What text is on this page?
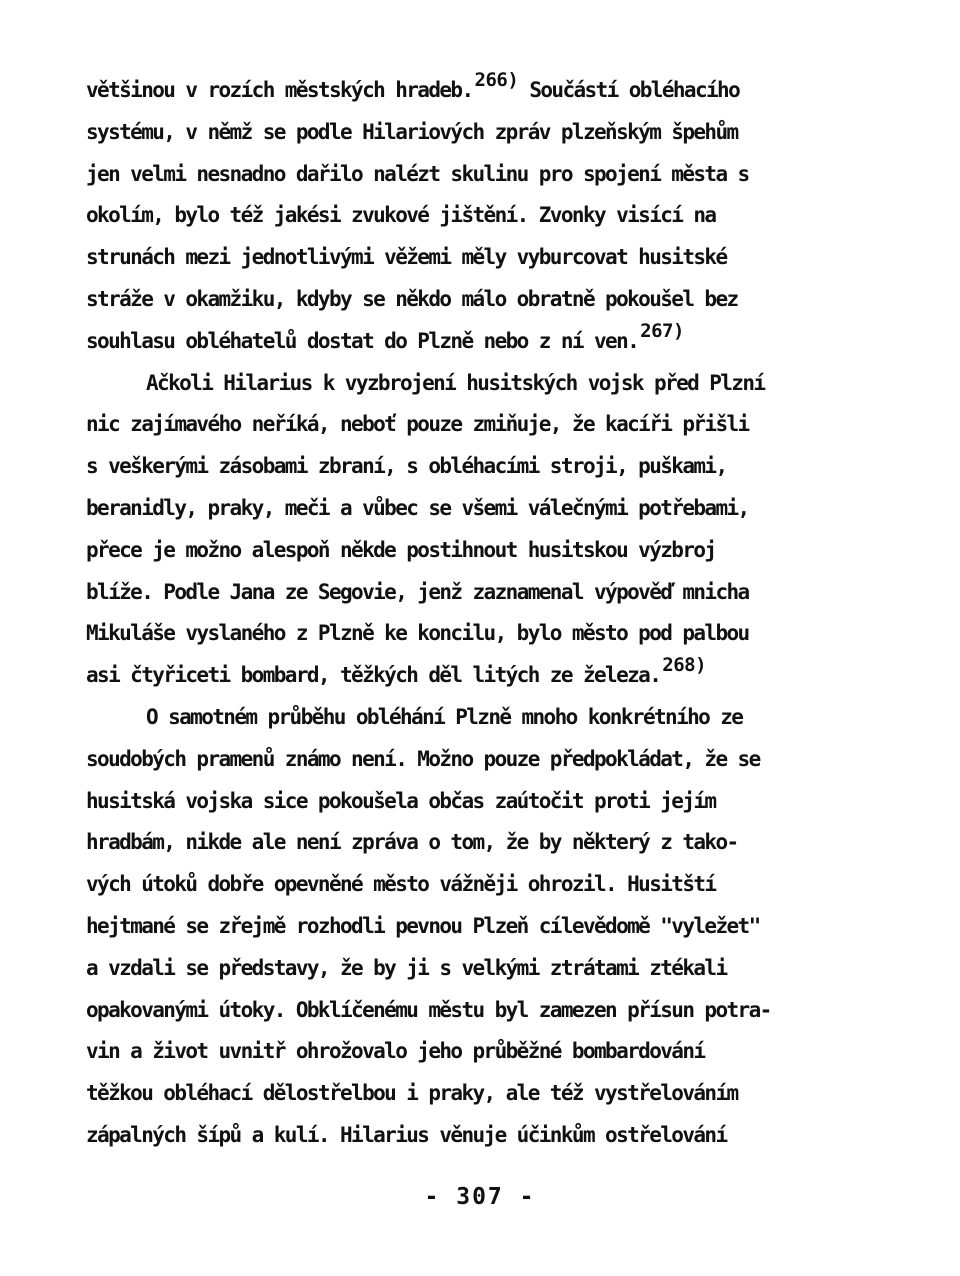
většinou v rozích městských hradeb. 266) Součástí obléhacího
systému, v němž se podle Hilariových zpráv plzeňským špehům
jen velmi nesnadno dařilo nalézt skulinu pro spojení města s
okolím, bylo též jakési zvukové jištění. Zvonky visící na
strunách mezi jednotlivými věžemi měly vyburcovat husitské
stráže v okamžiku, kdyby se někdo málo obratně pokoušel bez
souhlasu obléhatelů dostat do Plzně nebo z ní ven. 267)
Ačkoli Hilarius k vyzbrojení husitských vojsk před Plzní
nic zajímavého neříká, neboť pouze zmiňuje, že kacíři přišli
s veškerými zásobami zbraní, s obléhacími stroji, puškami,
beranidly, praky, meči a vůbec se všemi válečnými potřebami,
přece je možno alespoň někde postihnout husitskou výzbroj
blíže. Podle Jana ze Segovie, jenž zaznamenal výpověď mnicha
Mikuláše vyslaného z Plzně ke koncilu, bylo město pod palbou
asi čtyřiceti bombard, těžkých děl litých ze železa. 268)
O samotném průběhu obléhání Plzně mnoho konkrétního ze
soudobých pramenů známo není. Možno pouze předpokládat, že se
husitská vojska sice pokoušela občas zaútočit proti jejím
hradbám, nikde ale není zpráva o tom, že by některý z tako-
vých útoků dobře opevněné město vážněji ohrozil. Husitští
hejtmané se zřejmě rozhodli pevnou Plzeň cílevědomě "vyležet"
a vzdali se představy, že by ji s velkými ztrátami ztékali
opakovanými útoky. Obklíčenému městu byl zamezen přísun potra-
vin a život uvnitř ohrožovalo jeho průběžné bombardování
těžkou obléhací dělostřelbou i praky, ale též vystřelováním
zápalných šípů a kulí. Hilarius věnuje účinkům ostřelování
- 307 -
